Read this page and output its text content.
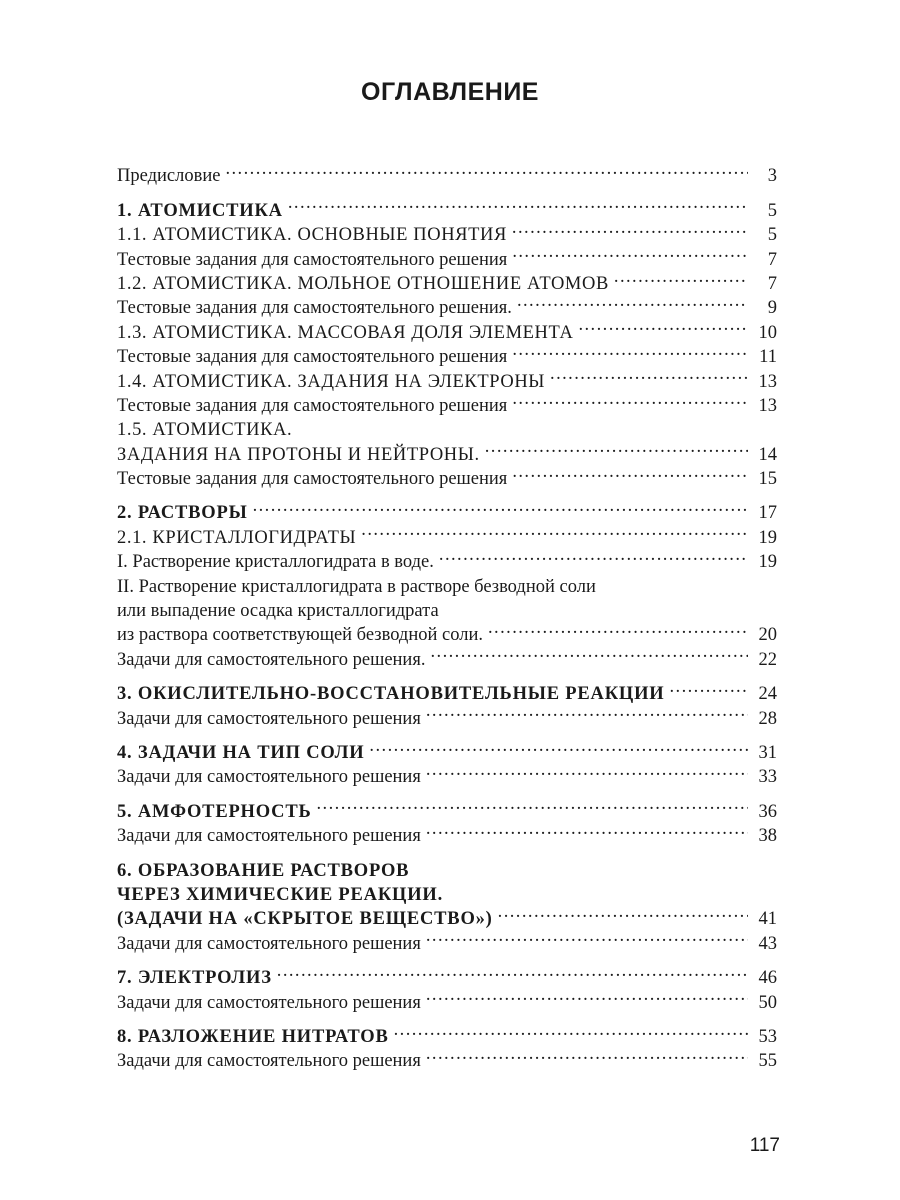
ОГЛАВЛЕНИЕ
Предисловие . . .	3
1. АТОМИСТИКА . . .	5
1.1. АТОМИСТИКА. ОСНОВНЫЕ ПОНЯТИЯ . . .	5
Тестовые задания для самостоятельного решения . . .	7
1.2. АТОМИСТИКА. МОЛЬНОЕ ОТНОШЕНИЕ АТОМОВ . . .	7
Тестовые задания для самостоятельного решения. . . .	9
1.3. АТОМИСТИКА. МАССОВАЯ ДОЛЯ ЭЛЕМЕНТА . . .	10
Тестовые задания для самостоятельного решения . . .	11
1.4. АТОМИСТИКА. ЗАДАНИЯ НА ЭЛЕКТРОНЫ . . .	13
Тестовые задания для самостоятельного решения . . .	13
1.5. АТОМИСТИКА.
ЗАДАНИЯ НА ПРОТОНЫ И НЕЙТРОНЫ. . . .	14
Тестовые задания для самостоятельного решения . . .	15
2. РАСТВОРЫ . . .	17
2.1. КРИСТАЛЛОГИДРАТЫ . . .	19
I. Растворение кристаллогидрата в воде. . . .	19
II. Растворение кристаллогидрата в растворе безводной соли
или выпадение осадка кристаллогидрата
из раствора соответствующей безводной соли. . . .	20
Задачи для самостоятельного решения. . . .	22
3. ОКИСЛИТЕЛЬНО-ВОССТАНОВИТЕЛЬНЫЕ РЕАКЦИИ . . .	24
Задачи для самостоятельного решения . . .	28
4. ЗАДАЧИ НА ТИП СОЛИ . . .	31
Задачи для самостоятельного решения . . .	33
5. АМФОТЕРНОСТЬ . . .	36
Задачи для самостоятельного решения . . .	38
6. ОБРАЗОВАНИЕ РАСТВОРОВ
ЧЕРЕЗ ХИМИЧЕСКИЕ РЕАКЦИИ.
(ЗАДАЧИ НА «СКРЫТОЕ ВЕЩЕСТВО») . . .	41
Задачи для самостоятельного решения . . .	43
7. ЭЛЕКТРОЛИЗ . . .	46
Задачи для самостоятельного решения . . .	50
8. РАЗЛОЖЕНИЕ НИТРАТОВ . . .	53
Задачи для самостоятельного решения . . .	55
117
